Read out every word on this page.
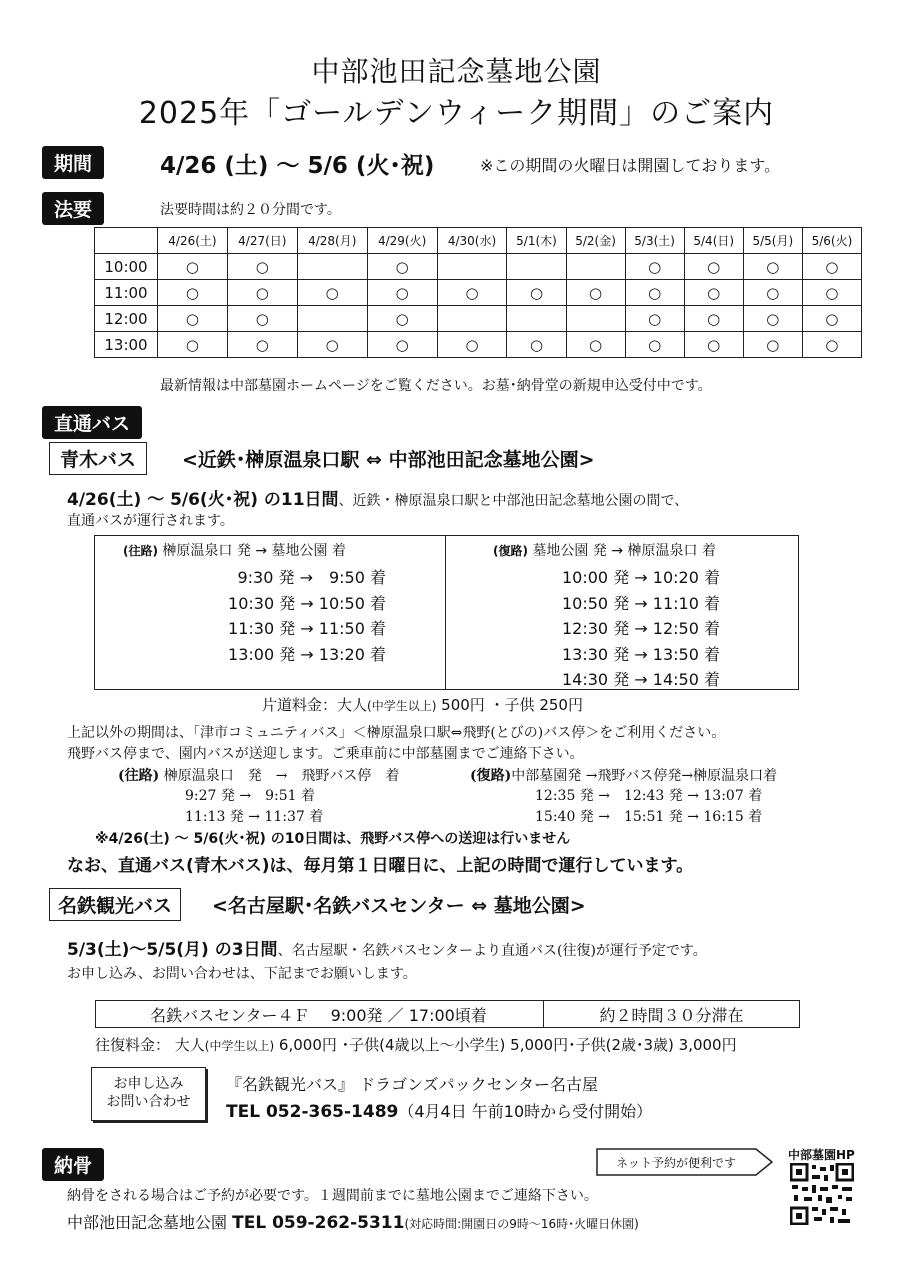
中部池田記念墓地公園
2025年「ゴールデンウィーク期間」のご案内
期間	4/26 (土) ～ 5/6 (火･祝)	※この期間の火曜日は開園しております。
法要	法要時間は約２０分間です。
	4/26(土)	4/27(日)	4/28(月)	4/29(火)	4/30(水)	5/1(木)	5/2(金)	5/3(土)	5/4(日)	5/5(月)	5/6(火)
10:00	○	○		○				○	○	○	○
11:00	○	○	○	○	○	○	○	○	○	○	○
12:00	○	○		○				○	○	○	○
13:00	○	○	○	○	○	○	○	○	○	○	○
最新情報は中部墓園ホームページをご覧ください。お墓･納骨堂の新規申込受付中です。
直通バス
青木バス	<近鉄･榊原温泉口駅 ⇔ 中部池田記念墓地公園>
4/26(土) ～ 5/6(火･祝) の11日間、近鉄・榊原温泉口駅と中部池田記念墓地公園の間で、
直通バスが運行されます。
(往路) 榊原温泉口 発 → 墓地公園 着
9:30 発 →　9:50 着
10:30 発 → 10:50 着
11:30 発 → 11:50 着
13:00 発 → 13:20 着
(復路) 墓地公園 発 → 榊原温泉口 着
10:00 発 → 10:20 着
10:50 発 → 11:10 着
12:30 発 → 12:50 着
13:30 発 → 13:50 着
14:30 発 → 14:50 着
片道料金：大人(中学生以上) 500円 ・子供 250円
上記以外の期間は、「津市コミュニティバス」＜榊原温泉口駅⇔飛野(とびの)バス停＞をご利用ください。
飛野バス停まで、園内バスが送迎します。ご乗車前に中部墓園までご連絡下さい。
(往路) 榊原温泉口　発　→　飛野バス停　着
9:27 発 →　9:51 着
11:13 発 → 11:37 着
(復路)中部墓園発 →飛野バス停発→榊原温泉口着
12:35 発 →　12:43 発 → 13:07 着
15:40 発 →　15:51 発 → 16:15 着
※4/26(土) ～ 5/6(火･祝) の10日間は、飛野バス停への送迎は行いません
なお、直通バス(青木バス)は、毎月第１日曜日に、上記の時間で運行しています。
名鉄観光バス	<名古屋駅･名鉄バスセンター ⇔ 墓地公園>
5/3(土)～5/5(月) の3日間、名古屋駅・名鉄バスセンターより直通バス(往復)が運行予定です。
お申し込み、お問い合わせは、下記までお願いします。
名鉄バスセンター４Ｆ　 9:00発 ／ 17:00頃着	約２時間３０分滞在
往復料金： 大人(中学生以上) 6,000円 ･子供(4歳以上～小学生) 5,000円･子供(2歳･3歳) 3,000円
お申し込み
お問い合わせ
『名鉄観光バス』 ドラゴンズパックセンター名古屋
TEL 052-365-1489（4月4日 午前10時から受付開始）
納骨	ネット予約が便利です
中部墓園HP
納骨をされる場合はご予約が必要です。１週間前までに墓地公園までご連絡下さい。
中部池田記念墓地公園 TEL 059-262-5311(対応時間:開園日の9時～16時･火曜日休園)
